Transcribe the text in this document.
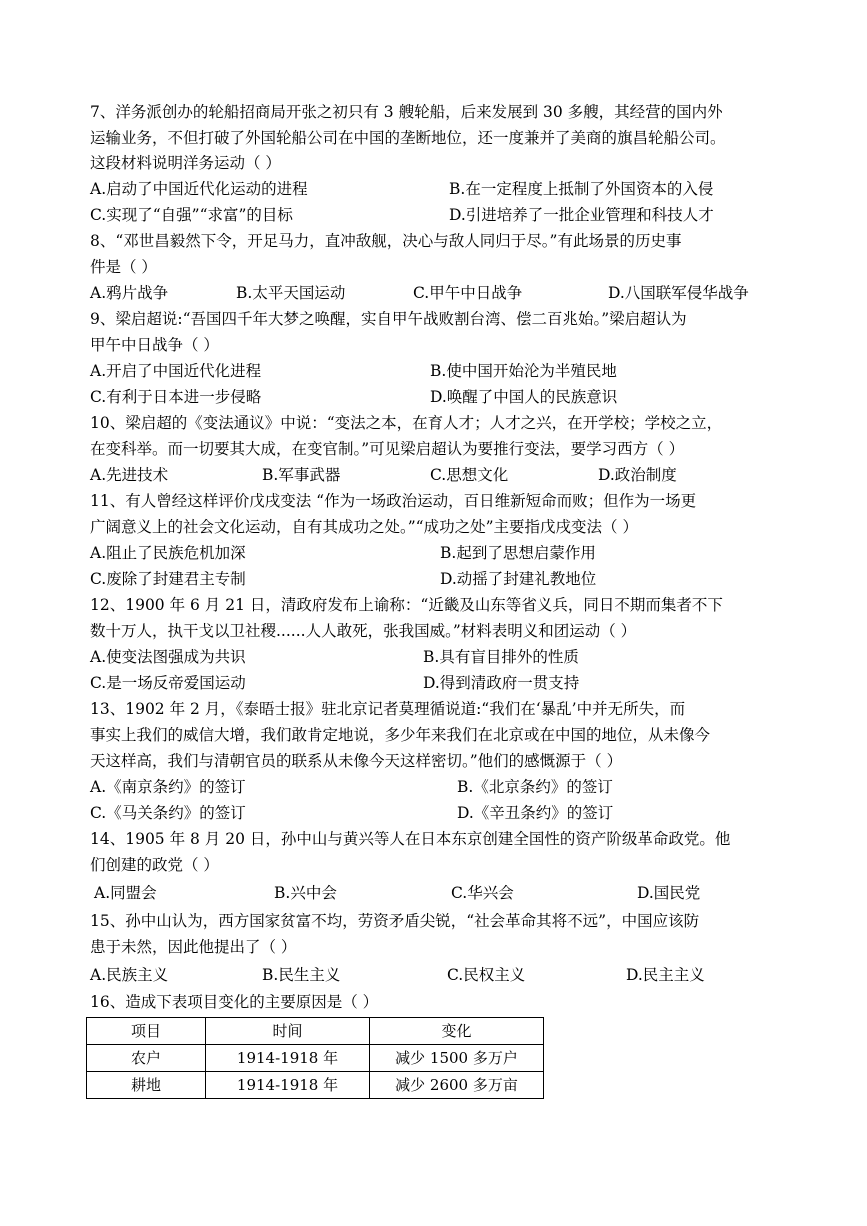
7、洋务派创办的轮船招商局开张之初只有 3 艘轮船，后来发展到 30 多艘，其经营的国内外
运输业务，不但打破了外国轮船公司在中国的垄断地位，还一度兼并了美商的旗昌轮船公司。
这段材料说明洋务运动（ ）
A.启动了中国近代化运动的进程	B.在一定程度上抵制了外国资本的入侵
C.实现了“自强”“求富”的目标	D.引进培养了一批企业管理和科技人才
8、“邓世昌毅然下令，开足马力，直冲敌舰，决心与敌人同归于尽。”有此场景的历史事
件是（ ）
A.鸦片战争	B.太平天国运动	C.甲午中日战争	D.八国联军侵华战争
9、梁启超说:“吾国四千年大梦之唤醒，实自甲午战败割台湾、偿二百兆始。”梁启超认为
甲午中日战争（ ）
A.开启了中国近代化进程	B.使中国开始沦为半殖民地
C.有利于日本进一步侵略	D.唤醒了中国人的民族意识
10、梁启超的《变法通议》中说：“变法之本，在育人才；人才之兴，在开学校；学校之立，
在变科举。而一切要其大成，在变官制。”可见梁启超认为要推行变法，要学习西方（ ）
A.先进技术	B.军事武器	C.思想文化	D.政治制度
11、有人曾经这样评价戊戌变法 “作为一场政治运动，百日维新短命而败；但作为一场更
广阔意义上的社会文化运动，自有其成功之处。”“成功之处”主要指戊戌变法（ ）
A.阻止了民族危机加深	B.起到了思想启蒙作用
C.废除了封建君主专制	D.动摇了封建礼教地位
12、1900 年 6 月 21 日，清政府发布上谕称：“近畿及山东等省义兵，同日不期而集者不下
数十万人，执干戈以卫社稷......人人敢死，张我国威。”材料表明义和团运动（ ）
A.使变法图强成为共识	B.具有盲目排外的性质
C.是一场反帝爱国运动	D.得到清政府一贯支持
13、1902 年 2 月，《泰晤士报》驻北京记者莫理循说道:“我们在‘暴乱’中并无所失，而
事实上我们的威信大增，我们敢肯定地说，多少年来我们在北京或在中国的地位，从未像今
天这样高，我们与清朝官员的联系从未像今天这样密切。”他们的感慨源于（ ）
A.《南京条约》的签订	B.《北京条约》的签订
C.《马关条约》的签订	D.《辛丑条约》的签订
14、1905 年 8 月 20 日，孙中山与黄兴等人在日本东京创建全国性的资产阶级革命政党。他
们创建的政党（ ）
A.同盟会	B.兴中会	C.华兴会	D.国民党
15、孙中山认为，西方国家贫富不均，劳资矛盾尖锐，“社会革命其将不远”，中国应该防
患于未然，因此他提出了（ ）
A.民族主义	B.民生主义	C.民权主义	D.民主主义
16、造成下表项目变化的主要原因是（ ）
项目	时间	变化
农户	1914-1918 年	减少 1500 多万户
耕地	1914-1918 年	减少 2600 多万亩
